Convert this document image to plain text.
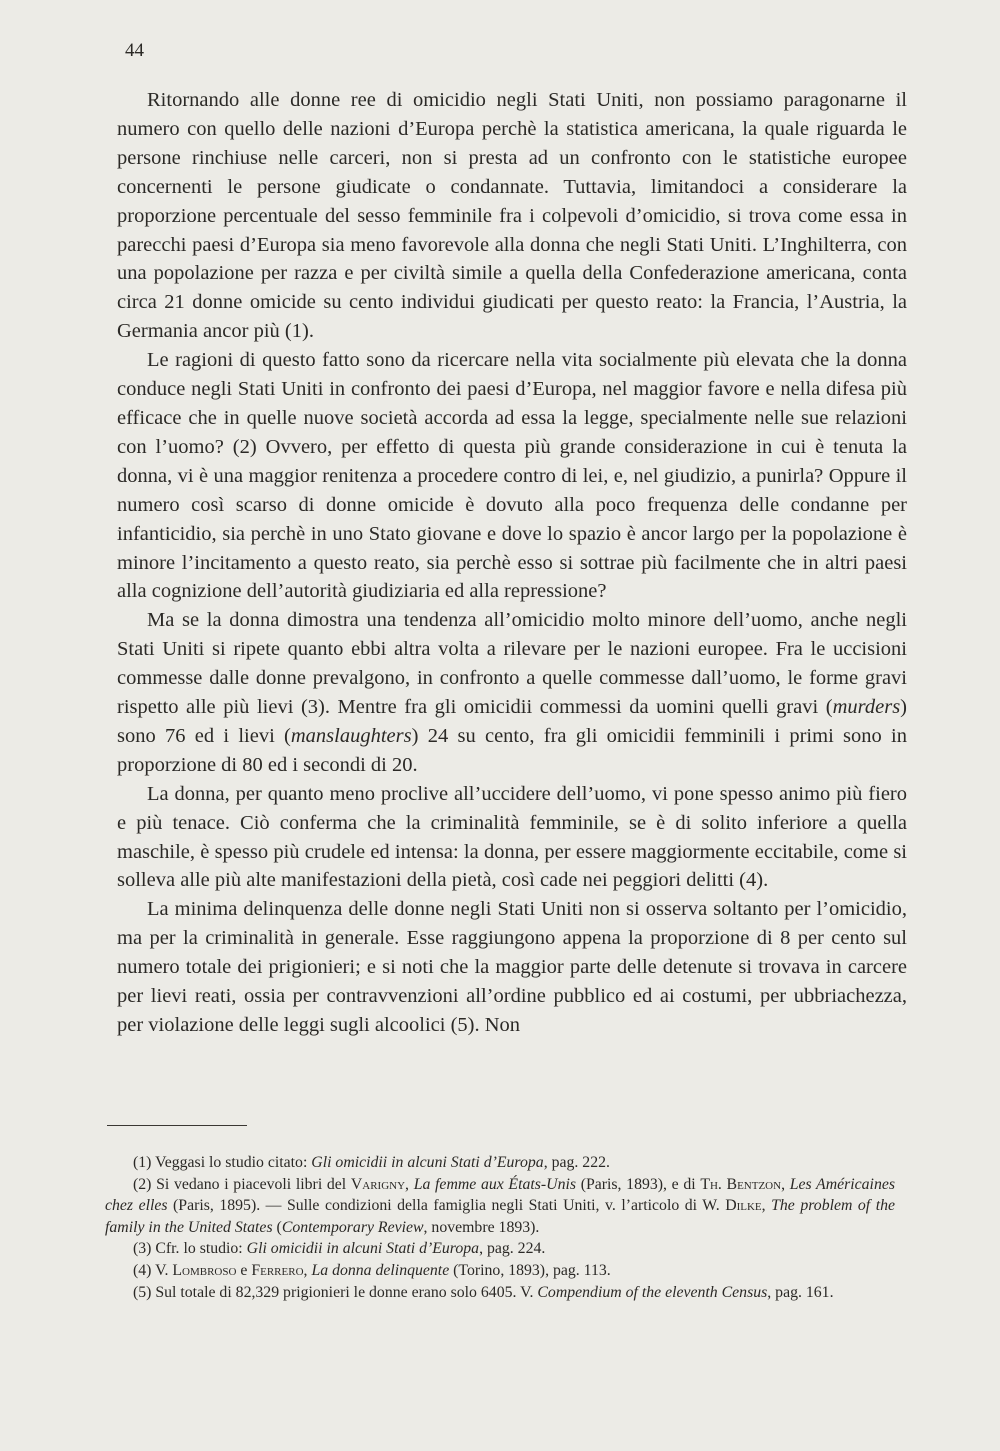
44

Ritornando alle donne ree di omicidio negli Stati Uniti, non possiamo paragonarne il numero con quello delle nazioni d’Europa perchè la statistica americana, la quale riguarda le persone rinchiuse nelle carceri, non si presta ad un confronto con le statistiche europee concernenti le persone giudicate o condannate. Tuttavia, limitandoci a considerare la proporzione percentuale del sesso femminile fra i colpevoli d’omicidio, si trova come essa in parecchi paesi d’Europa sia meno favorevole alla donna che negli Stati Uniti. L’Inghilterra, con una popolazione per razza e per civiltà simile a quella della Confederazione americana, conta circa 21 donne omicide su cento individui giudicati per questo reato: la Francia, l’Austria, la Germania ancor più (1).

Le ragioni di questo fatto sono da ricercare nella vita socialmente più elevata che la donna conduce negli Stati Uniti in confronto dei paesi d’Europa, nel maggior favore e nella difesa più efficace che in quelle nuove società accorda ad essa la legge, specialmente nelle sue relazioni con l’uomo? (2) Ovvero, per effetto di questa più grande considerazione in cui è tenuta la donna, vi è una maggior renitenza a procedere contro di lei, e, nel giudizio, a punirla? Oppure il numero così scarso di donne omicide è dovuto alla poco frequenza delle condanne per infanticidio, sia perchè in uno Stato giovane e dove lo spazio è ancor largo per la popolazione è minore l’incitamento a questo reato, sia perchè esso si sottrae più facilmente che in altri paesi alla cognizione dell’autorità giudiziaria ed alla repressione?

Ma se la donna dimostra una tendenza all’omicidio molto minore dell’uomo, anche negli Stati Uniti si ripete quanto ebbi altra volta a rilevare per le nazioni europee. Fra le uccisioni commesse dalle donne prevalgono, in confronto a quelle commesse dall’uomo, le forme gravi rispetto alle più lievi (3). Mentre fra gli omicidii commessi da uomini quelli gravi (murders) sono 76 ed i lievi (manslaughters) 24 su cento, fra gli omicidii femminili i primi sono in proporzione di 80 ed i secondi di 20.

La donna, per quanto meno proclive all’uccidere dell’uomo, vi pone spesso animo più fiero e più tenace. Ciò conferma che la criminalità femminile, se è di solito inferiore a quella maschile, è spesso più crudele ed intensa: la donna, per essere maggiormente eccitabile, come si solleva alle più alte manifestazioni della pietà, così cade nei peggiori delitti (4).

La minima delinquenza delle donne negli Stati Uniti non si osserva soltanto per l’omicidio, ma per la criminalità in generale. Esse raggiungono appena la proporzione di 8 per cento sul numero totale dei prigionieri; e si noti che la maggior parte delle detenute si trovava in carcere per lievi reati, ossia per contravvenzioni all’ordine pubblico ed ai costumi, per ubbriachezza, per violazione delle leggi sugli alcoolici (5). Non

(1) Veggasi lo studio citato: Gli omicidii in alcuni Stati d’Europa, pag. 222.

(2) Si vedano i piacevoli libri del Varigny, La femme aux États-Unis (Paris, 1893), e di Th. Bentzon, Les Américaines chez elles (Paris, 1895). — Sulle condizioni della famiglia negli Stati Uniti, v. l’articolo di W. Dilke, The problem of the family in the United States (Contemporary Review, novembre 1893).

(3) Cfr. lo studio: Gli omicidii in alcuni Stati d’Europa, pag. 224.

(4) V. Lombroso e Ferrero, La donna delinquente (Torino, 1893), pag. 113.

(5) Sul totale di 82,329 prigionieri le donne erano solo 6405. V. Compendium of the eleventh Census, pag. 161.
